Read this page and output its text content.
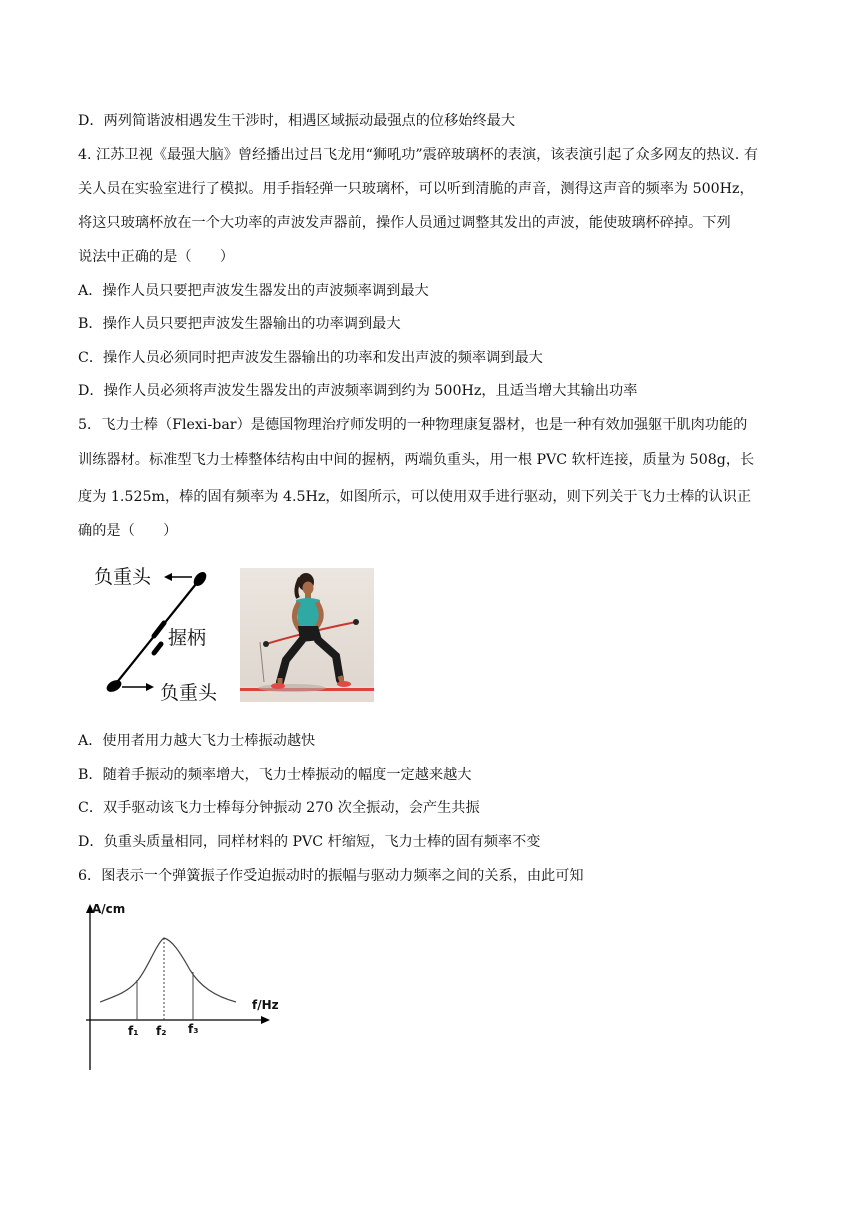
D．两列简谐波相遇发生干涉时，相遇区域振动最强点的位移始终最大
4. 江苏卫视《最强大脑》曾经播出过吕飞龙用“狮吼功”震碎玻璃杯的表演，该表演引起了众多网友的热议. 有
关人员在实验室进行了模拟。用手指轻弹一只玻璃杯，可以听到清脆的声音，测得这声音的频率为 500Hz，
将这只玻璃杯放在一个大功率的声波发声器前，操作人员通过调整其发出的声波，能使玻璃杯碎掉。下列
说法中正确的是（　　）
A．操作人员只要把声波发生器发出的声波频率调到最大
B．操作人员只要把声波发生器输出的功率调到最大
C．操作人员必须同时把声波发生器输出的功率和发出声波的频率调到最大
D．操作人员必须将声波发生器发出的声波频率调到约为 500Hz，且适当增大其输出功率
5．飞力士棒（Flexi-bar）是德国物理治疗师发明的一种物理康复器材，也是一种有效加强躯干肌肉功能的
训练器材。标准型飞力士棒整体结构由中间的握柄，两端负重头，用一根 PVC 软杆连接，质量为 508g，长
度为 1.525m，棒的固有频率为 4.5Hz，如图所示，可以使用双手进行驱动，则下列关于飞力士棒的认识正
确的是（　　）
A．使用者用力越大飞力士棒振动越快
B．随着手振动的频率增大，飞力士棒振动的幅度一定越来越大
C．双手驱动该飞力士棒每分钟振动 270 次全振动，会产生共振
D．负重头质量相同，同样材料的 PVC 杆缩短，飞力士棒的固有频率不变
6．图表示一个弹簧振子作受迫振动时的振幅与驱动力频率之间的关系，由此可知
负重头
握柄
负重头
A/cm
f/Hz
f₁ f₂ f₃
